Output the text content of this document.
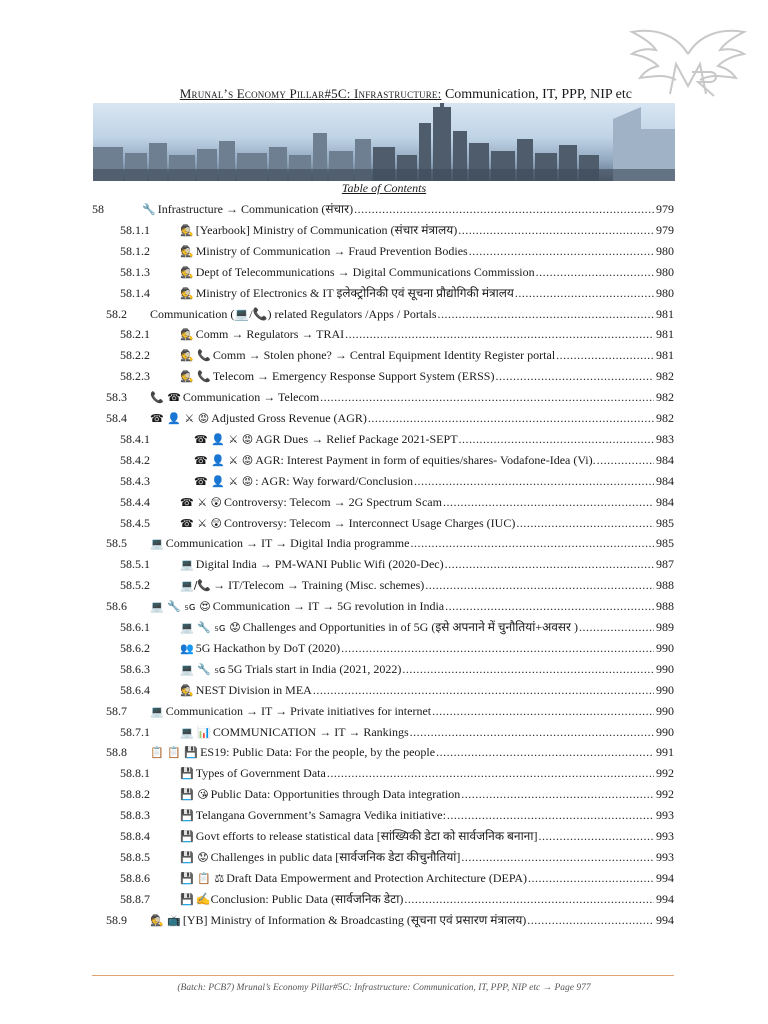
Mrunal’s Economy Pillar#5C: Infrastructure: Communication, IT, PPP, NIP etc
Table of Contents
58	🔧 Infrastructure → Communication (संचार) .....	979
58.1.1	🕵 [Yearbook] Ministry of Communication (संचार मंत्रालय) .....	979
58.1.2	🕵 Ministry of Communication → Fraud Prevention Bodies .....	980
58.1.3	🕵 Dept of Telecommunications → Digital Communications Commission .....	980
58.1.4	🕵 Ministry of Electronics & IT इलेक्ट्रोनिकी एवं सूचना प्रौद्योगिकी मंत्रालय .....	980
58.2 Communication (💻/📞) related Regulators /Apps / Portals .....	981
58.2.1	🕵 Comm → Regulators → TRAI .....	981
58.2.2	🕵 📞 Comm → Stolen phone? → Central Equipment Identity Register portal .....	981
58.2.3	🕵 📞 Telecom → Emergency Response Support System (ERSS) .....	982
58.3 📞 ☎ Communication → Telecom .....	982
58.4 ☎ 👤 ⚔ 😡 Adjusted Gross Revenue (AGR) .....	982
58.4.1	☎ 👤 ⚔ 😡 AGR Dues → Relief Package 2021-SEPT .....	983
58.4.2	☎ 👤 ⚔ 😡 AGR: Interest Payment in form of equities/shares- Vodafone-Idea (Vi). .....	984
58.4.3	☎ 👤 ⚔ 😡 : AGR: Way forward/Conclusion .....	984
58.4.4	☎ ⚔ 😲 Controversy: Telecom → 2G Spectrum Scam .....	984
58.4.5	☎ ⚔ 😲 Controversy: Telecom → Interconnect Usage Charges (IUC) .....	985
58.5 💻 Communication → IT → Digital India programme .....	985
58.5.1	💻 Digital India → PM-WANI Public Wifi (2020-Dec) .....	987
58.5.2	💻/📞 → IT/Telecom → Training (Misc. schemes) .....	988
58.6 💻 🔧 ₅ɢ 😍 Communication → IT → 5G revolution in India .....	988
58.6.1	💻 🔧 ₅ɢ 😟 Challenges and Opportunities in of 5G (इसे अपनाने में चुनौतियां+अवसर ) .....	989
58.6.2	👥 5G Hackathon by DoT (2020) .....	990
58.6.3	💻 🔧 ₅ɢ 5G Trials start in India (2021, 2022) .....	990
58.6.4	🕵 NEST Division in MEA .....	990
58.7 💻 Communication → IT → Private initiatives for internet .....	990
58.7.1	💻 📊 COMMUNICATION → IT → Rankings .....	990
58.8 📋 📋 💾 ES19: Public Data: For the people, by the people .....	991
58.8.1	💾 Types of Government Data .....	992
58.8.2	💾 😘 Public Data: Opportunities through Data integration .....	992
58.8.3	💾 Telangana Government’s Samagra Vedika initiative: .....	993
58.8.4	💾 Govt efforts to release statistical data [सांख्यिकी डेटा को सार्वजनिक बनाना] .....	993
58.8.5	💾 😟 Challenges in public data [सार्वजनिक डेटा कीचुनौतियां] .....	993
58.8.6	💾 📋 ⚖ Draft Data Empowerment and Protection Architecture (DEPA) .....	994
58.8.7	💾 ✍Conclusion: Public Data (सार्वजनिक डेटा) .....	994
58.9 🕵 📺 [YB] Ministry of Information & Broadcasting (सूचना एवं प्रसारण मंत्रालय) .....	994
(Batch: PCB7) Mrunal’s Economy Pillar#5C: Infrastructure: Communication, IT, PPP, NIP etc → Page 977
